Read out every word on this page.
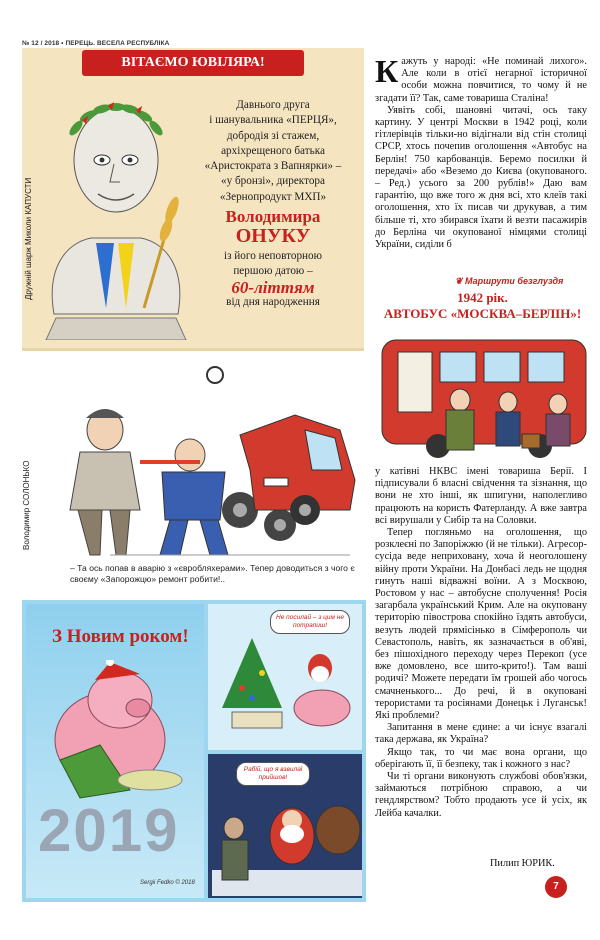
№ 12 / 2018 • ПЕРЕЦЬ. ВЕСЕЛА РЕСПУБЛІКА
ВІТАЄМО ЮВІЛЯРА!
Дружній шарж Миколи КАПУСТИ
Давнього друга
і шанувальника «ПЕРЦЯ»,
добродія зі стажем,
архіхрещеного батька
«Аристократа з Вапнярки» –
«у бронзі», директора
«Зернопродукт МХП»
Володимира
ОНУКУ
із його неповторною
першою датою –
60-літтям
від дня народження
Володимир СОЛОНЬКО
– Та ось попав в аварію з «євробляхерами». Тепер доводиться з чого є своєму «Запорожцю» ремонт робити!..
З Новим роком!
2019
Sergii Fedko © 2018
Не посилай – з цим не потрапиш!
Рабій, що я взвилаї прийшов!

Кажуть у народі: «Не поминай лихого». Але коли в отієї негарної історичної особи можна повчитися, то чому й не згадати її? Так, саме товариша Сталіна!

Уявіть собі, шановні читачі, ось таку картину. У центрі Москви в 1942 році, коли гітлерівців тільки-но відігнали від стін столиці СРСР, хтось почепив оголошення «Автобус на Берлін! 750 карбованців. Беремо посилки й передачі» або «Веземо до Києва (окупованого. – Ред.) усього за 200 рублів!» Даю вам гарантію, що вже того ж дня всі, хто клеїв такі оголошення, хто їх писав чи друкував, а тим більше ті, хто збирався їхати й везти пасажирів до Берліна чи окупованої німцями столиці України, сиділи б

❦ Маршрути безглуздя
1942 рік.
АВТОБУС «МОСКВА–БЕРЛІН»!

у катівні НКВС імені товариша Берії. І підписували б власні свідчення та зізнання, що вони не хто інші, як шпигуни, наполегливо працюють на користь Фатерланду. А вже завтра всі вирушали у Сибір та на Соловки.

Тепер погляньмо на оголошення, що розклеєні по Запоріжжю (й не тільки). Агресор-сусіда веде неприховану, хоча й неоголошену війну проти України. На Донбасі ледь не щодня гинуть наші відважні воїни. А з Москвою, Ростовом у нас – автобусне сполучення! Росія загарбала український Крим. Але на окуповану територію півострова спокійно їздять автобуси, везуть людей прямісінько в Сімферополь чи Севастополь, навіть, як зазначається в об'яві, без пішохідного переходу через Перекоп (усе вже домовлено, все шито-крито!). Там ваші родичі? Можете передати їм грошей або чогось смачненького... До речі, й в окуповані терористами та росіянами Донецьк і Луганськ! Які проблеми?

Запитання в мене єдине: а чи існує взагалі така держава, як Україна?

Якщо так, то чи має вона органи, що оберігають її, її безпеку, так і кожного з нас?

Чи ті органи виконують службові обов'язки, займаються потрібною справою, а чи гендлярством? Тобто продають усе й усіх, як Лейба качалки.

Пилип ЮРИК.
7
